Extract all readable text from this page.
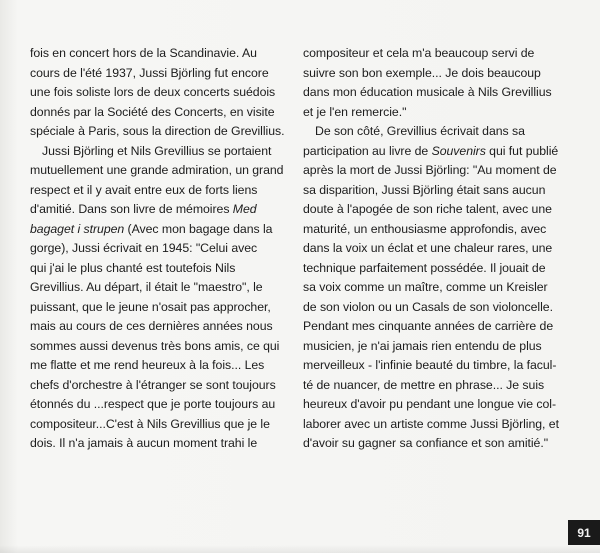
fois en concert hors de la Scandinavie. Au
cours de l'été 1937, Jussi Björling fut encore
une fois soliste lors de deux concerts suédois
donnés par la Société des Concerts, en visite
spéciale à Paris, sous la direction de Grevillius.
Jussi Björling et Nils Grevillius se portaient
mutuellement une grande admiration, un grand
respect et il y avait entre eux de forts liens
d'amitié. Dans son livre de mémoires Med
bagaget i strupen (Avec mon bagage dans la
gorge), Jussi écrivait en 1945: "Celui avec
qui j'ai le plus chanté est toutefois Nils
Grevillius. Au départ, il était le "maestro", le
puissant, que le jeune n'osait pas approcher,
mais au cours de ces dernières années nous
sommes aussi devenus très bons amis, ce qui
me flatte et me rend heureux à la fois... Les
chefs d'orchestre à l'étranger se sont toujours
étonnés du ...respect que je porte toujours au
compositeur...C'est à Nils Grevillius que je le
dois. Il n'a jamais à aucun moment trahi le
compositeur et cela m'a beaucoup servi de
suivre son bon exemple... Je dois beaucoup
dans mon éducation musicale à Nils Grevillius
et je l'en remercie."
De son côté, Grevillius écrivait dans sa
participation au livre de Souvenirs qui fut publié
après la mort de Jussi Björling: "Au moment de
sa disparition, Jussi Björling était sans aucun
doute à l'apogée de son riche talent, avec une
maturité, un enthousiasme approfondis, avec
dans la voix un éclat et une chaleur rares, une
technique parfaitement possédée. Il jouait de
sa voix comme un maître, comme un Kreisler
de son violon ou un Casals de son violoncelle.
Pendant mes cinquante années de carrière de
musicien, je n'ai jamais rien entendu de plus
merveilleux - l'infinie beauté du timbre, la facul-
té de nuancer, de mettre en phrase... Je suis
heureux d'avoir pu pendant une longue vie col-
laborer avec un artiste comme Jussi Björling, et
d'avoir su gagner sa confiance et son amitié."
91
